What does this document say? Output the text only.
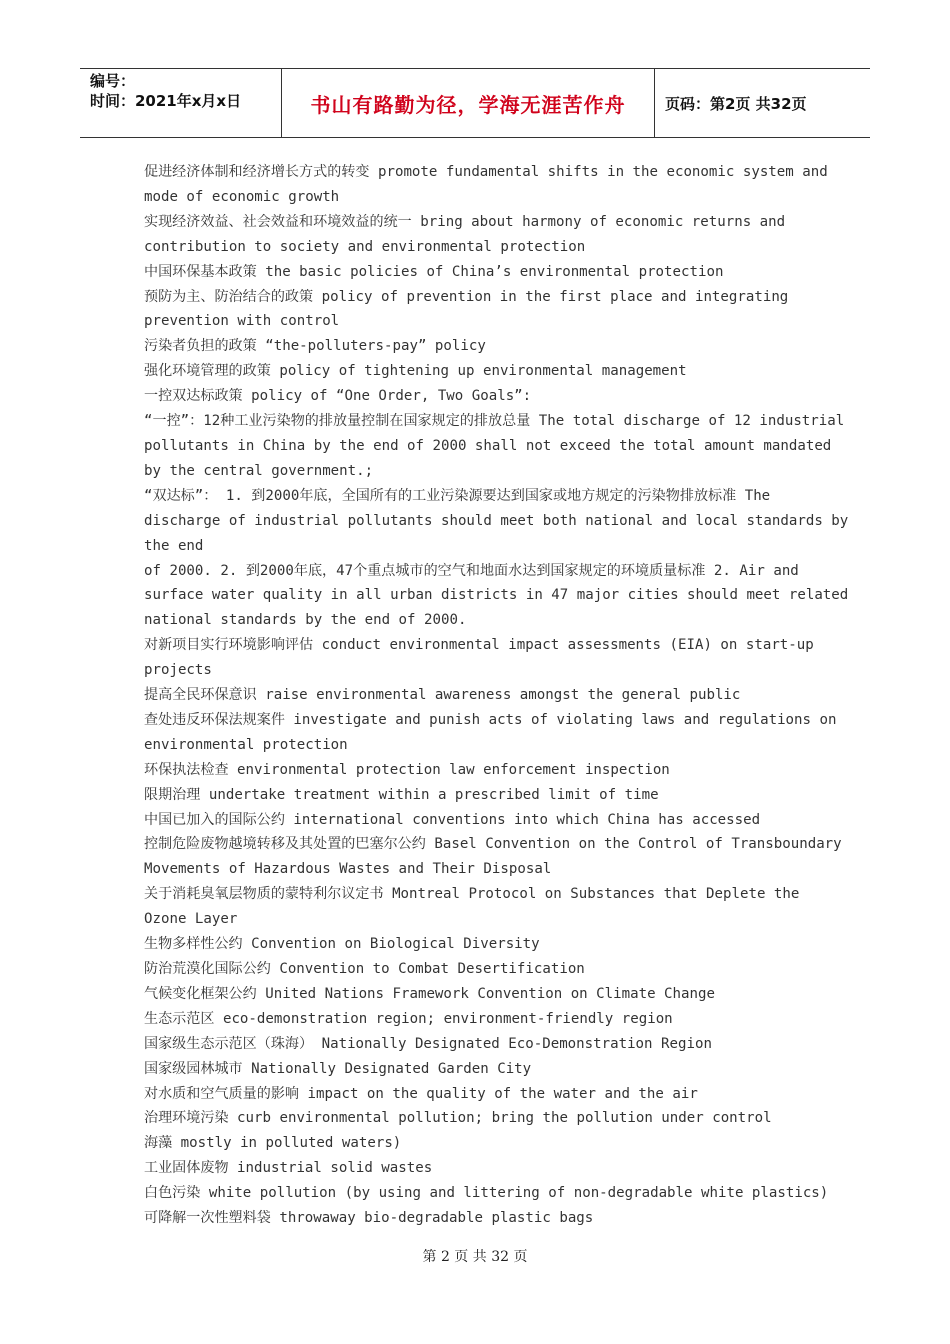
编号：
时间：2021年x月x日	书山有路勤为径，学海无涯苦作舟	页码：第2页 共32页

促进经济体制和经济增长方式的转变 promote fundamental shifts in the economic system and mode of economic growth

实现经济效益、社会效益和环境效益的统一 bring about harmony of economic returns and contribution to society and environmental protection

中国环保基本政策 the basic policies of China’s environmental protection

预防为主、防治结合的政策 policy of prevention in the first place and integrating prevention with control

污染者负担的政策 “the-polluters-pay” policy

强化环境管理的政策 policy of tightening up environmental management

一控双达标政策 policy of “One Order, Two Goals”:

“一控”：12种工业污染物的排放量控制在国家规定的排放总量 The total discharge of 12 industrial pollutants in China by the end of 2000 shall not exceed the total amount mandated by the central government.;

“双达标”： 1. 到2000年底，全国所有的工业污染源要达到国家或地方规定的污染物排放标准 The discharge of industrial pollutants should meet both national and local standards by the end

of 2000. 2. 到2000年底，47个重点城市的空气和地面水达到国家规定的环境质量标准 2. Air and surface water quality in all urban districts in 47 major cities should meet related national standards by the end of 2000.

对新项目实行环境影响评估 conduct environmental impact assessments (EIA) on start-up projects

提高全民环保意识 raise environmental awareness amongst the general public

查处违反环保法规案件 investigate and punish acts of violating laws and regulations on environmental protection

环保执法检查 environmental protection law enforcement inspection

限期治理 undertake treatment within a prescribed limit of time

中国已加入的国际公约 international conventions into which China has accessed

控制危险废物越境转移及其处置的巴塞尔公约 Basel Convention on the Control of Transboundary Movements of Hazardous Wastes and Their Disposal

关于消耗臭氧层物质的蒙特利尔议定书 Montreal Protocol on Substances that Deplete the Ozone Layer

生物多样性公约 Convention on Biological Diversity

防治荒漠化国际公约 Convention to Combat Desertification

气候变化框架公约 United Nations Framework Convention on Climate Change

生态示范区 eco-demonstration region; environment-friendly region

国家级生态示范区（珠海） Nationally Designated Eco-Demonstration Region

国家级园林城市 Nationally Designated Garden City

对水质和空气质量的影响 impact on the quality of the water and the air

治理环境污染 curb environmental pollution; bring the pollution under control

海藻 mostly in polluted waters)

工业固体废物 industrial solid wastes

白色污染 white pollution (by using and littering of non-degradable white plastics)

可降解一次性塑料袋 throwaway bio-degradable plastic bags

第 2 页 共 32 页
